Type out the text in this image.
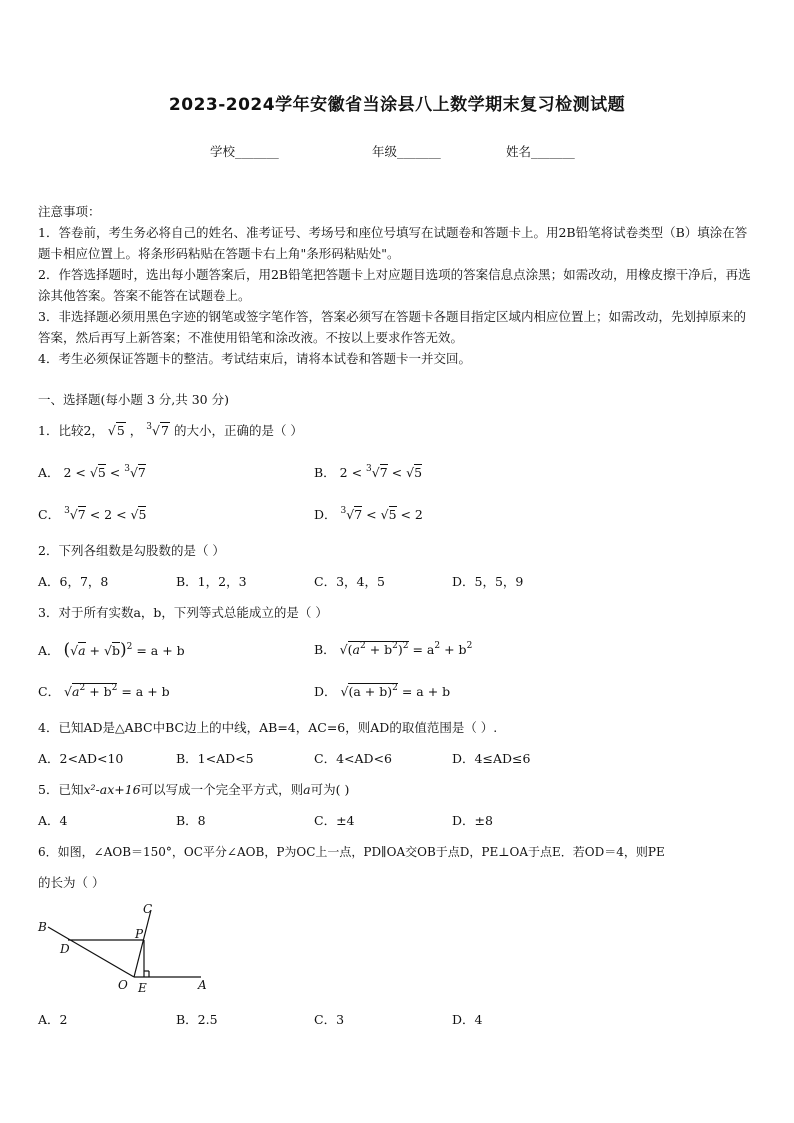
2023-2024学年安徽省当涂县八上数学期末复习检测试题
学校_______	年级_______	姓名_______
注意事项：
1．答卷前，考生务必将自己的姓名、准考证号、考场号和座位号填写在试题卷和答题卡上。用2B铅笔将试卷类型（B）填涂在答题卡相应位置上。将条形码粘贴在答题卡右上角"条形码粘贴处"。
2．作答选择题时，选出每小题答案后，用2B铅笔把答题卡上对应题目选项的答案信息点涂黑；如需改动，用橡皮擦干净后，再选涂其他答案。答案不能答在试题卷上。
3．非选择题必须用黑色字迹的钢笔或签字笔作答，答案必须写在答题卡各题目指定区域内相应位置上；如需改动，先划掉原来的答案，然后再写上新答案；不准使用铅笔和涂改液。不按以上要求作答无效。
4．考生必须保证答题卡的整洁。考试结束后，请将本试卷和答题卡一并交回。
一、选择题(每小题 3 分,共 30 分)
1．比较2， √5 ， $^3$√7 的大小，正确的是（ ）
A． 2 < √5 < $^3$√7	B． 2 < $^3$√7 < √5
C． $^3$√7 < 2 < √5	D． $^3$√7 < √5 < 2
2．下列各组数是勾股数的是（ ）
A．6，7，8	B．1，2，3	C．3，4，5	D．5，5，9
3．对于所有实数a，b，下列等式总能成立的是（ ）
A． $(√a + √b)^2 = a + b$	B． $√(a^2 + b^2)^2 = a^2 + b^2$
C． $√a^2 + b^2 = a + b$	D． $√(a + b)^2 = a + b$
4．已知AD是△ABC中BC边上的中线，AB=4，AC=6，则AD的取值范围是（ ）.
A．2<AD<10	B．1<AD<5	C．4<AD<6	D．4≤AD≤6
5．已知x²-ax+16可以写成一个完全平方式，则a可为( )
A．4	B．8	C．±4	D．±8
6．如图，∠AOB＝150°，OC平分∠AOB，P为OC上一点，PD∥OA交OB于点D，PE⊥OA于点E．若OD＝4，则PE
的长为（ ）
B
C
D
P
O E	A
A．2	B．2.5	C．3	D．4
